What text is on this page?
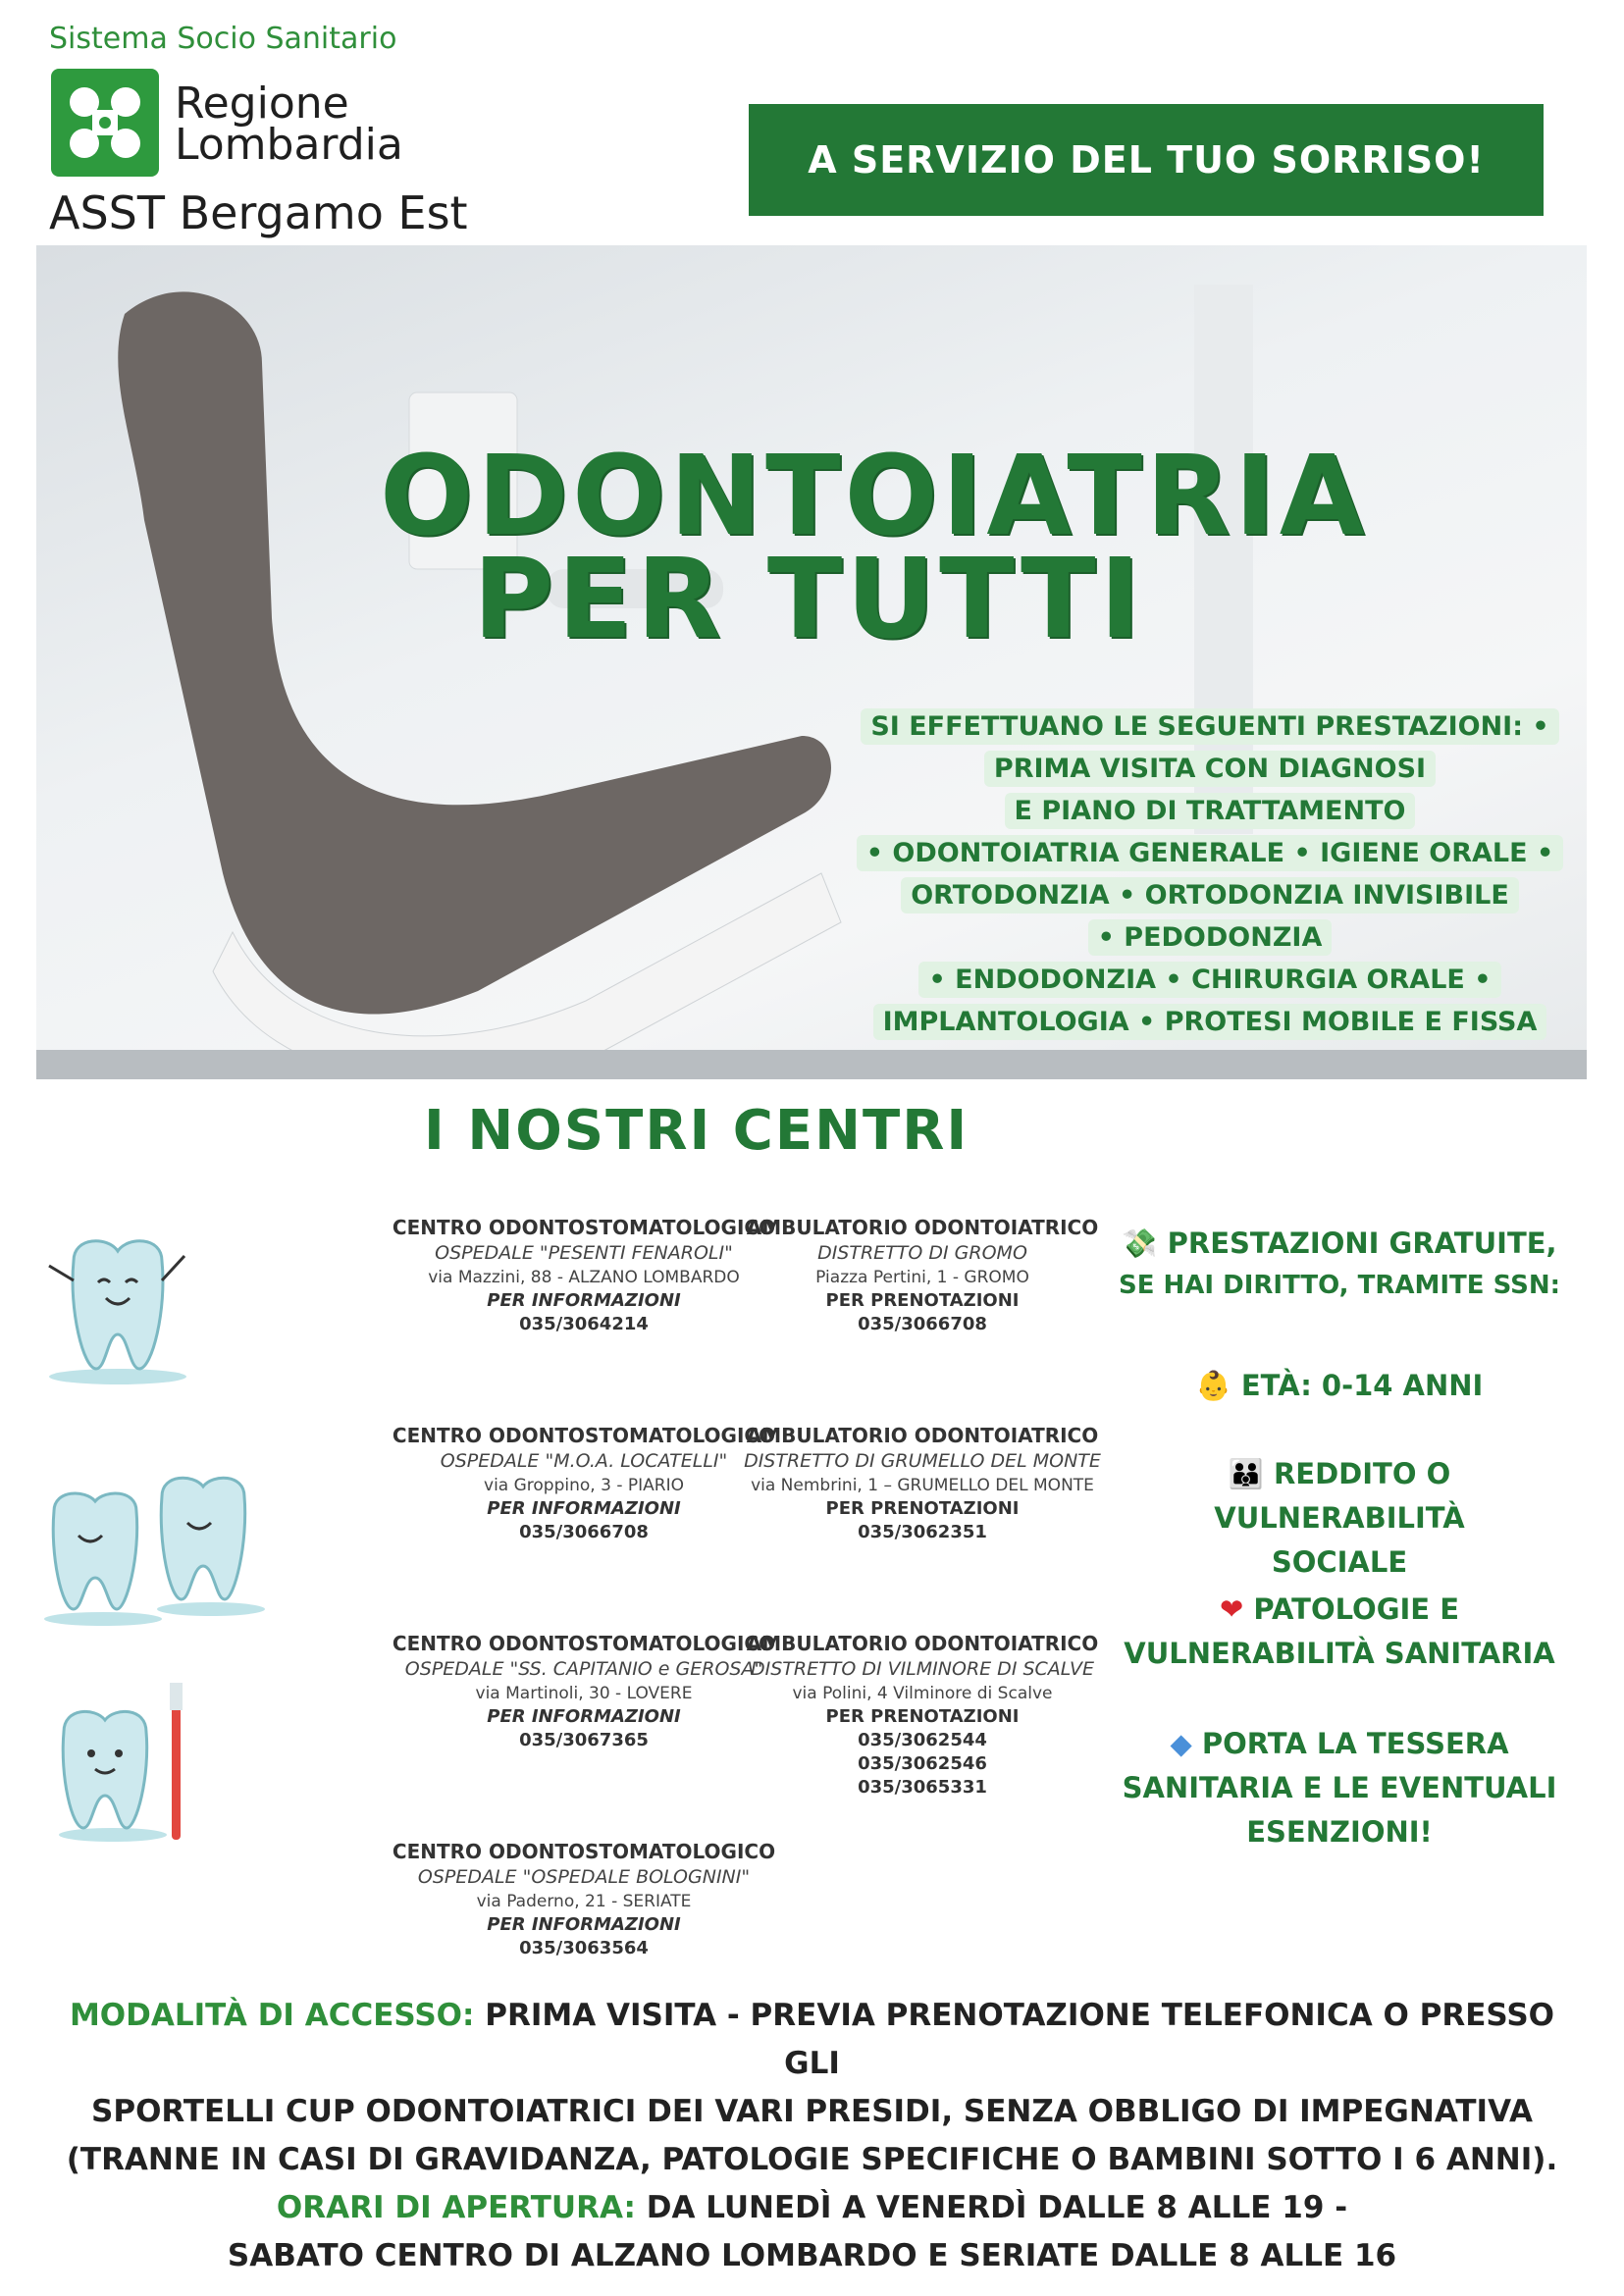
Sistema Socio Sanitario
Regione
Lombardia
ASST Bergamo Est
A SERVIZIO DEL TUO SORRISO!
ODONTOIATRIA
PER TUTTI
SI EFFETTUANO LE SEGUENTI PRESTAZIONI: •
PRIMA VISITA CON DIAGNOSI
E PIANO DI TRATTAMENTO
• ODONTOIATRIA GENERALE • IGIENE ORALE •
ORTODONZIA • ORTODONZIA INVISIBILE
• PEDODONZIA
• ENDODONZIA • CHIRURGIA ORALE •
IMPLANTOLOGIA • PROTESI MOBILE E FISSA
I NOSTRI CENTRI
CENTRO ODONTOSTOMATOLOGICO
OSPEDALE "PESENTI FENAROLI"
via Mazzini, 88 - ALZANO LOMBARDO
PER INFORMAZIONI
035/3064214
CENTRO ODONTOSTOMATOLOGICO
OSPEDALE "M.O.A. LOCATELLI"
via Groppino, 3 - PIARIO
PER INFORMAZIONI
035/3066708
CENTRO ODONTOSTOMATOLOGICO
OSPEDALE "SS. CAPITANIO e GEROSA"
via Martinoli, 30 - LOVERE
PER INFORMAZIONI
035/3067365
CENTRO ODONTOSTOMATOLOGICO
OSPEDALE "OSPEDALE BOLOGNINI"
via Paderno, 21 - SERIATE
PER INFORMAZIONI
035/3063564
AMBULATORIO ODONTOIATRICO
DISTRETTO DI GROMO
Piazza Pertini, 1 - GROMO
PER PRENOTAZIONI
035/3066708
AMBULATORIO ODONTOIATRICO
DISTRETTO DI GRUMELLO DEL MONTE
via Nembrini, 1 – GRUMELLO DEL MONTE
PER PRENOTAZIONI
035/3062351
AMBULATORIO ODONTOIATRICO
DISTRETTO DI VILMINORE DI SCALVE
via Polini, 4 Vilminore di Scalve
PER PRENOTAZIONI
035/3062544
035/3062546
035/3065331
💸 PRESTAZIONI GRATUITE,
SE HAI DIRITTO, TRAMITE SSN:
👶 ETÀ: 0-14 ANNI
👪 REDDITO O VULNERABILITÀ
SOCIALE
❤ PATOLOGIE E
VULNERABILITÀ SANITARIA
◆ PORTA LA TESSERA
SANITARIA E LE EVENTUALI
ESENZIONI!
MODALITÀ DI ACCESSO: PRIMA VISITA - PREVIA PRENOTAZIONE TELEFONICA O PRESSO GLI
SPORTELLI CUP ODONTOIATRICI DEI VARI PRESIDI, SENZA OBBLIGO DI IMPEGNATIVA
(TRANNE IN CASI DI GRAVIDANZA, PATOLOGIE SPECIFICHE O BAMBINI SOTTO I 6 ANNI).
ORARI DI APERTURA: DA LUNEDÌ A VENERDÌ DALLE 8 ALLE 19 -
SABATO CENTRO DI ALZANO LOMBARDO E SERIATE DALLE 8 ALLE 16
